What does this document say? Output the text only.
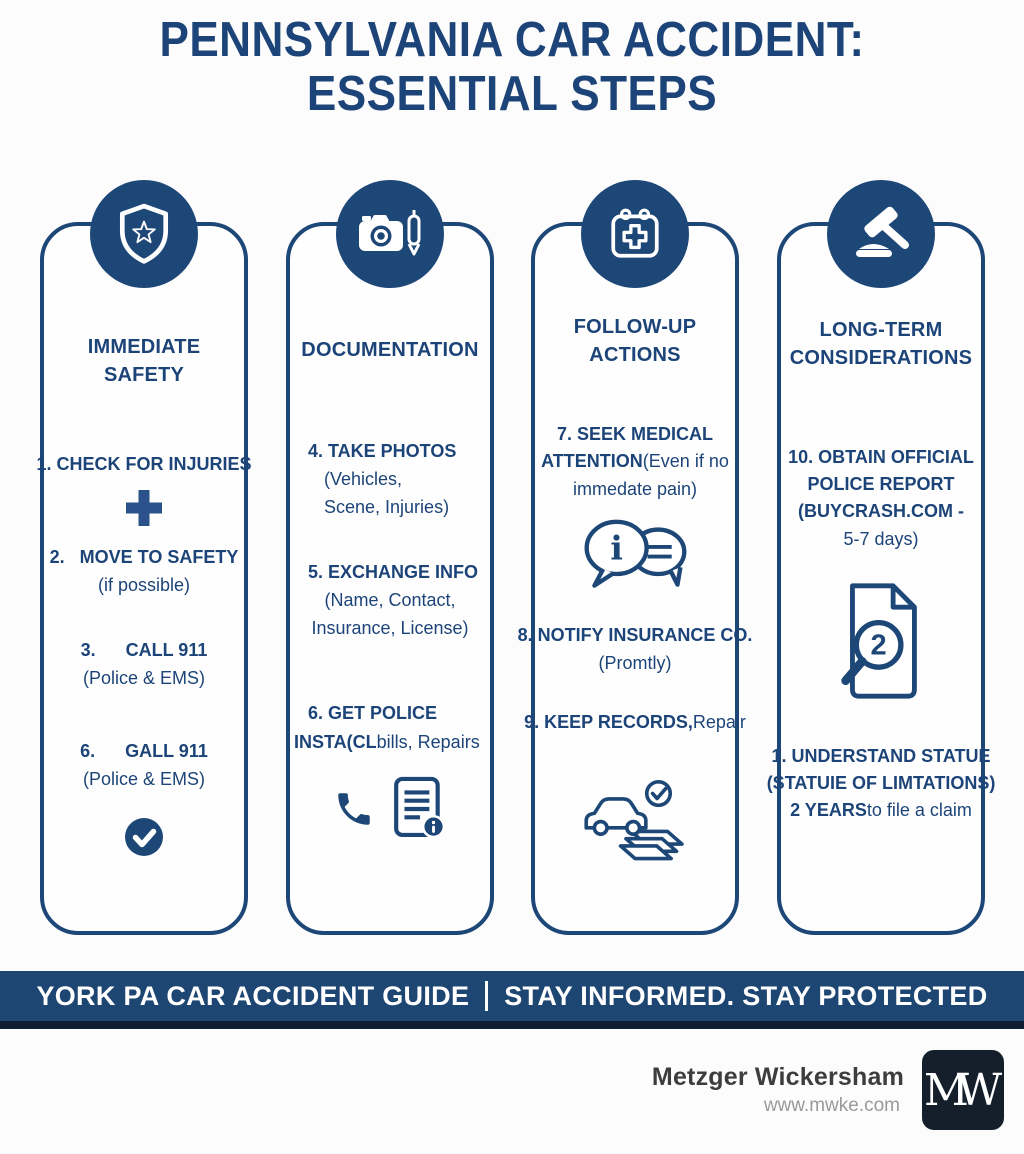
PENNSYLVANIA CAR ACCIDENT:
ESSENTIAL STEPS
IMMEDIATE SAFETY
1. CHECK FOR INJURIES
2.   MOVE TO SAFETY
(if possible)
3.      CALL 911
(Police & EMS)
6.      GALL 911
(Police & EMS)
DOCUMENTATION
4. TAKE PHOTOS
(Vehicles,
Scene, Injuries)
5. EXCHANGE INFO
(Name, Contact,
Insurance, License)
6. GET POLICE
INSTA(CL bills, Repairs
FOLLOW-UP ACTIONS
7. SEEK MEDICAL
ATTENTION (Even if no
immedate pain)
i
8. NOTIFY INSURANCE CO.
(Promtly)
9. KEEP RECORDS, Repair
LONG-TERM CONSIDERATIONS
10. OBTAIN OFFICIAL
POLICE REPORT
(BUYCRASH.COM -
5-7 days)
2
1. UNDERSTAND STATUE
(STATUIE OF LIMTATIONS)
2 YEARS to file a claim
YORK PA CAR ACCIDENT GUIDE STAY INFORMED. STAY PROTECTED
Metzger Wickersham
www.mwke.com MW
